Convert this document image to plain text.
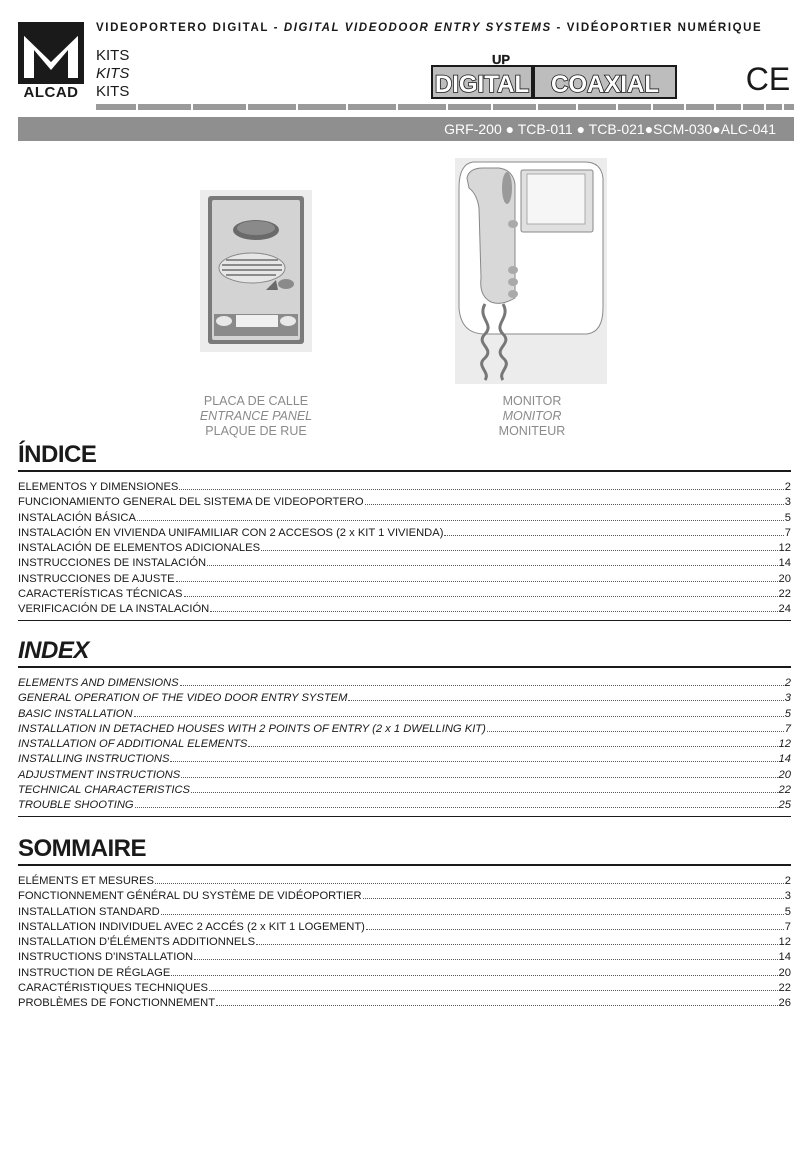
ALCAD
KITS
KITS
KITS
VIDEOPORTERO DIGITAL - DIGITAL VIDEODOOR ENTRY SYSTEMS - VIDÉOPORTIER NUMÉRIQUE
UP
DIGITAL COAXIAL	CE
GRF-200 ● TCB-011 ● TCB-021●SCM-030●ALC-041
PLACA DE CALLE
ENTRANCE PANEL
PLAQUE DE RUE
MONITOR
MONITOR
MONITEUR
ÍNDICE
ELEMENTOS Y DIMENSIONES	2
FUNCIONAMIENTO GENERAL DEL SISTEMA DE VIDEOPORTERO	3
INSTALACIÓN BÁSICA	5
INSTALACIÓN EN VIVIENDA UNIFAMILIAR CON 2 ACCESOS (2 x KIT 1 VIVIENDA)	7
INSTALACIÓN DE ELEMENTOS ADICIONALES	12
INSTRUCCIONES DE INSTALACIÓN	14
INSTRUCCIONES DE AJUSTE	20
CARACTERÍSTICAS TÉCNICAS	22
VERIFICACIÓN DE LA INSTALACIÓN	24
INDEX
ELEMENTS AND DIMENSIONS	2
GENERAL OPERATION OF THE VIDEO DOOR ENTRY SYSTEM	3
BASIC INSTALLATION	5
INSTALLATION IN DETACHED HOUSES WITH 2 POINTS OF ENTRY (2 x 1 DWELLING KIT)	7
INSTALLATION OF ADDITIONAL ELEMENTS	12
INSTALLING INSTRUCTIONS	14
ADJUSTMENT INSTRUCTIONS	20
TECHNICAL CHARACTERISTICS	22
TROUBLE SHOOTING	25
SOMMAIRE
ELÉMENTS ET MESURES	2
FONCTIONNEMENT GÉNÉRAL DU SYSTÈME DE VIDÉOPORTIER	3
INSTALLATION STANDARD	5
INSTALLATION INDIVIDUEL AVEC 2 ACCÉS (2 x KIT 1 LOGEMENT)	7
INSTALLATION D’ÉLÉMENTS ADDITIONNELS	12
INSTRUCTIONS D'INSTALLATION	14
INSTRUCTION DE RÉGLAGE	20
CARACTÉRISTIQUES TECHNIQUES	22
PROBLÈMES DE FONCTIONNEMENT	26
